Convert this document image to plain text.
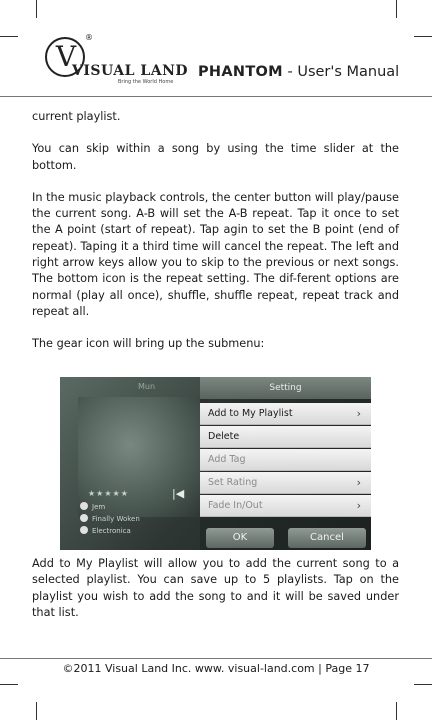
V
®
VISUAL LAND
Bring the World Home
PHANTOM - User's Manual

current playlist.

You can skip within a song by using the time slider at the bottom.

In the music playback controls, the center button will play/pause the current song. A-B will set the A-B repeat. Tap it once to set the A point (start of repeat). Tap agin to set the B point (end of repeat). Taping it a third time will cancel the repeat. The left and right arrow keys allow you to skip to the previous or next songs. The bottom icon is the repeat setting. The dif-ferent options are normal (play all once), shuffle, shuffle repeat, repeat track and repeat all.

The gear icon will bring up the submenu:

Mun
★★★★★	|◀
Jem
Finally Woken
Electronica
Setting
Add to My Playlist	›
Delete
Add Tag
Set Rating	›
Fade In/Out	›
OK	Cancel

Add to My Playlist will allow you to add the current song to a selected playlist. You can save up to 5 playlists. Tap on the playlist you wish to add the song to and it will be saved under that list.

©2011 Visual Land Inc. www. visual-land.com | Page 17
